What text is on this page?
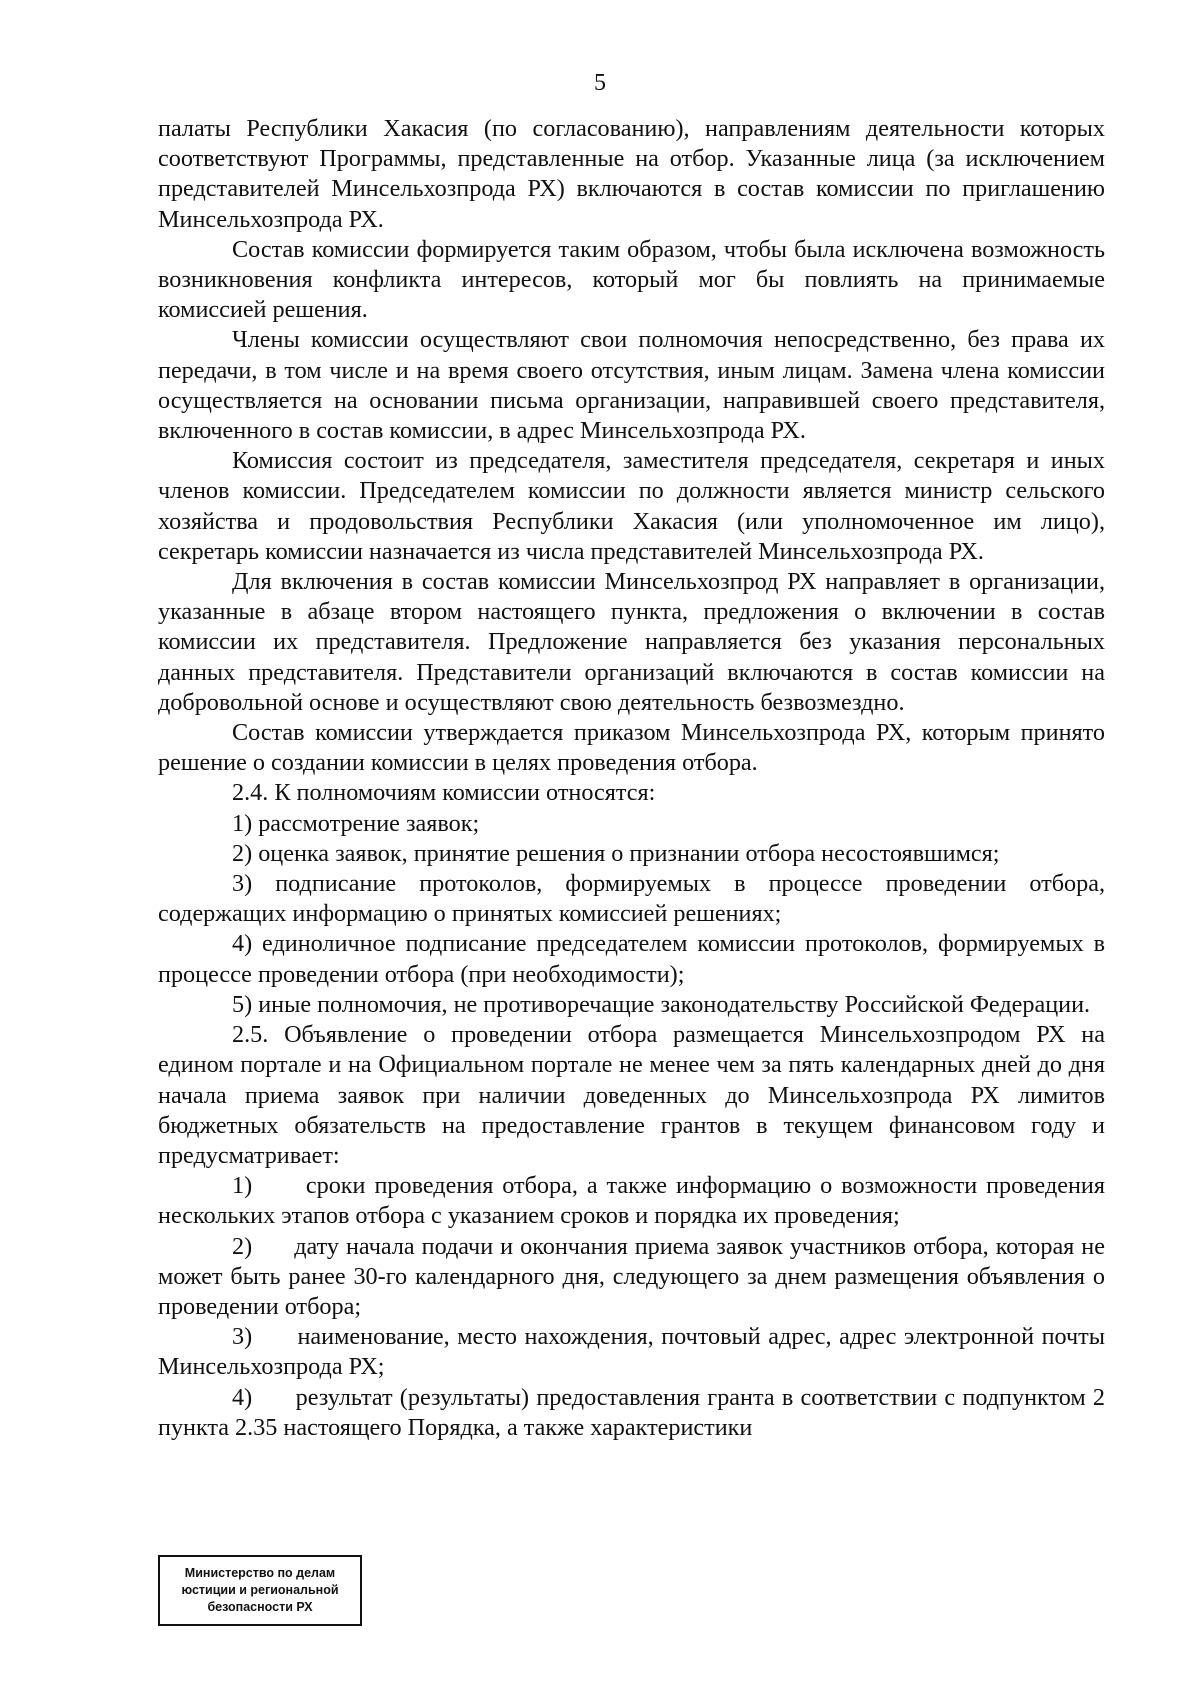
5

палаты Республики Хакасия (по согласованию), направлениям деятельности которых соответствуют Программы, представленные на отбор. Указанные лица (за исключением представителей Минсельхозпрода РХ) включаются в состав комиссии по приглашению Минсельхозпрода РХ.

Состав комиссии формируется таким образом, чтобы была исключена возможность возникновения конфликта интересов, который мог бы повлиять на принимаемые комиссией решения.

Члены комиссии осуществляют свои полномочия непосредственно, без права их передачи, в том числе и на время своего отсутствия, иным лицам. Замена члена комиссии осуществляется на основании письма организации, направившей своего представителя, включенного в состав комиссии, в адрес Минсельхозпрода РХ.

Комиссия состоит из председателя, заместителя председателя, секретаря и иных членов комиссии. Председателем комиссии по должности является министр сельского хозяйства и продовольствия Республики Хакасия (или уполномоченное им лицо), секретарь комиссии назначается из числа представителей Минсельхозпрода РХ.

Для включения в состав комиссии Минсельхозпрод РХ направляет в организации, указанные в абзаце втором настоящего пункта, предложения о включении в состав комиссии их представителя. Предложение направляется без указания персональных данных представителя. Представители организаций включаются в состав комиссии на добровольной основе и осуществляют свою деятельность безвозмездно.

Состав комиссии утверждается приказом Минсельхозпрода РХ, которым принято решение о создании комиссии в целях проведения отбора.

2.4. К полномочиям комиссии относятся:

1) рассмотрение заявок;

2) оценка заявок, принятие решения о признании отбора несостоявшимся;

3) подписание протоколов, формируемых в процессе проведении отбора, содержащих информацию о принятых комиссией решениях;

4) единоличное подписание председателем комиссии протоколов, формируемых в процессе проведении отбора (при необходимости);

5) иные полномочия, не противоречащие законодательству Российской Федерации.

2.5. Объявление о проведении отбора размещается Минсельхозпродом РХ на едином портале и на Официальном портале не менее чем за пять календарных дней до дня начала приема заявок при наличии доведенных до Минсельхозпрода РХ лимитов бюджетных обязательств на предоставление грантов в текущем финансовом году и предусматривает:

1)      сроки проведения отбора, а также информацию о возможности проведения нескольких этапов отбора с указанием сроков и порядка их проведения;

2)      дату начала подачи и окончания приема заявок участников отбора, которая не может быть ранее 30-го календарного дня, следующего за днем размещения объявления о проведении отбора;

3)      наименование, место нахождения, почтовый адрес, адрес электронной почты Минсельхозпрода РХ;

4)      результат (результаты) предоставления гранта в соответствии с подпунктом 2 пункта 2.35 настоящего Порядка, а также характеристики

Министерство по делам
юстиции и региональной
безопасности РХ
